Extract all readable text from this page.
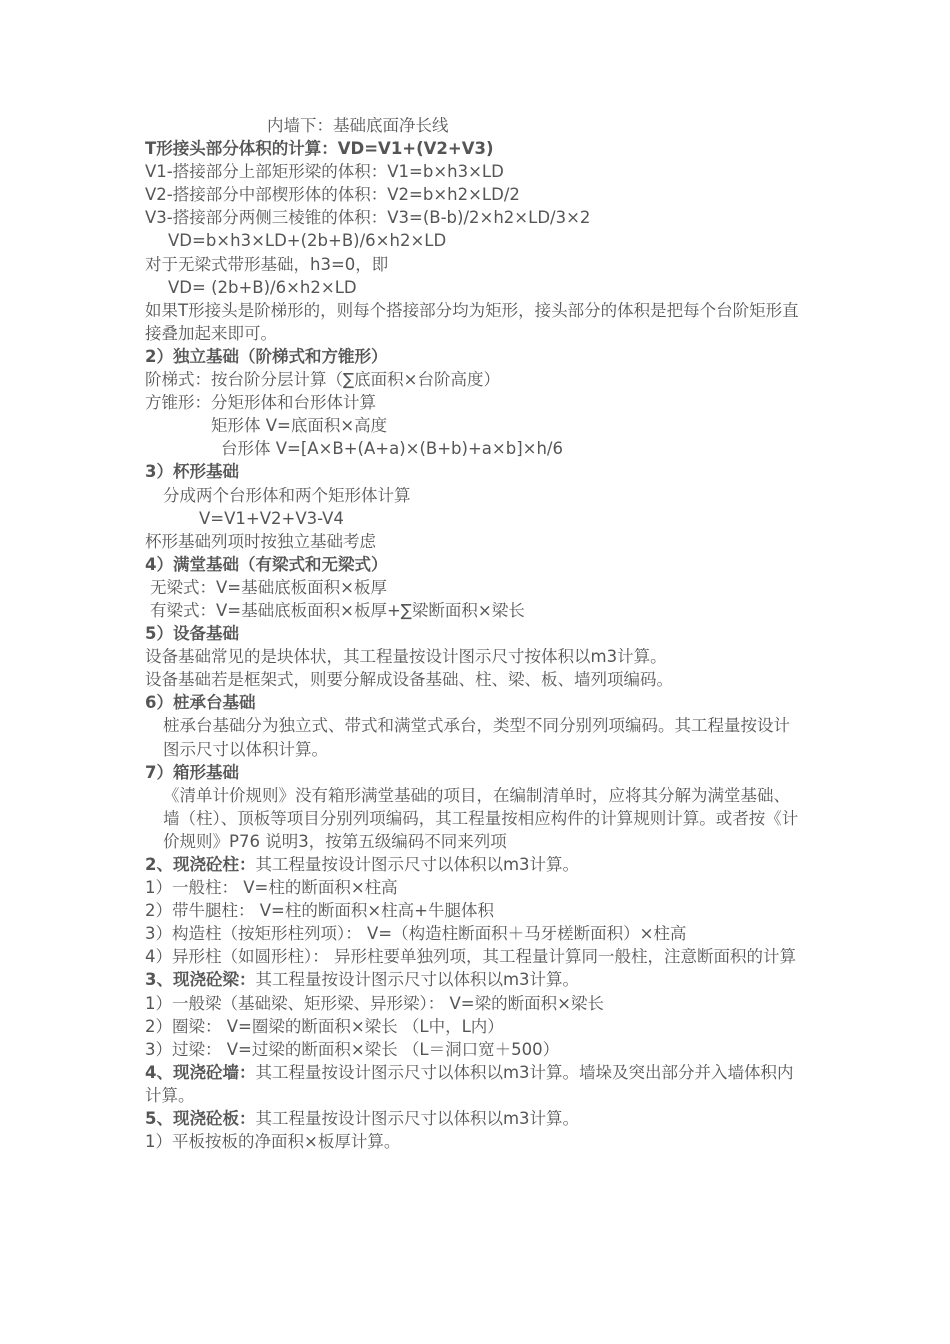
内墙下：基础底面净长线
T形接头部分体积的计算：VD=V1+(V2+V3)
V1-搭接部分上部矩形梁的体积：V1=b×h3×LD
V2-搭接部分中部楔形体的体积：V2=b×h2×LD/2
V3-搭接部分两侧三棱锥的体积：V3=(B-b)/2×h2×LD/3×2
VD=b×h3×LD+(2b+B)/6×h2×LD
对于无梁式带形基础，h3=0，即
VD= (2b+B)/6×h2×LD
如果T形接头是阶梯形的，则每个搭接部分均为矩形，接头部分的体积是把每个台阶矩形直接叠加起来即可。
2）独立基础（阶梯式和方锥形）
阶梯式：按台阶分层计算（∑底面积×台阶高度）
方锥形：分矩形体和台形体计算
矩形体 V=底面积×高度
台形体 V=[A×B+(A+a)×(B+b)+a×b]×h/6
3）杯形基础
分成两个台形体和两个矩形体计算
V=V1+V2+V3-V4
杯形基础列项时按独立基础考虑
4）满堂基础（有梁式和无梁式）
无梁式：V=基础底板面积×板厚
有梁式：V=基础底板面积×板厚+∑梁断面积×梁长
5）设备基础
设备基础常见的是块体状，其工程量按设计图示尺寸按体积以m3计算。
设备基础若是框架式，则要分解成设备基础、柱、梁、板、墙列项编码。
6）桩承台基础
桩承台基础分为独立式、带式和满堂式承台，类型不同分别列项编码。其工程量按设计图示尺寸以体积计算。
7）箱形基础
《清单计价规则》没有箱形满堂基础的项目，在编制清单时，应将其分解为满堂基础、墙（柱）、顶板等项目分别列项编码，其工程量按相应构件的计算规则计算。或者按《计价规则》P76 说明3，按第五级编码不同来列项
2、现浇砼柱：其工程量按设计图示尺寸以体积以m3计算。
1）一般柱： V=柱的断面积×柱高
2）带牛腿柱： V=柱的断面积×柱高+牛腿体积
3）构造柱（按矩形柱列项）： V=（构造柱断面积＋马牙槎断面积）×柱高
4）异形柱（如圆形柱）： 异形柱要单独列项，其工程量计算同一般柱，注意断面积的计算
3、现浇砼梁：其工程量按设计图示尺寸以体积以m3计算。
1）一般梁（基础梁、矩形梁、异形梁）： V=梁的断面积×梁长
2）圈梁： V=圈梁的断面积×梁长 （L中，L内）
3）过梁： V=过梁的断面积×梁长 （L＝洞口宽＋500）
4、现浇砼墙：其工程量按设计图示尺寸以体积以m3计算。墙垛及突出部分并入墙体积内计算。
5、现浇砼板：其工程量按设计图示尺寸以体积以m3计算。
1）平板按板的净面积×板厚计算。
